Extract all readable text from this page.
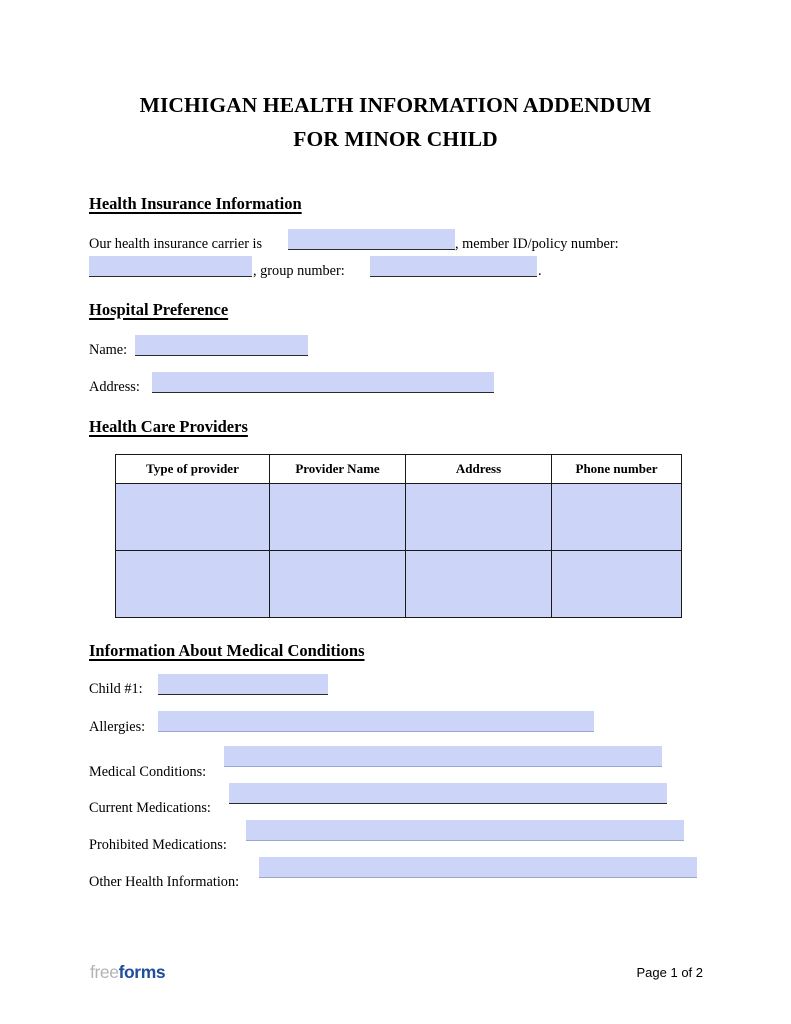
MICHIGAN HEALTH INFORMATION ADDENDUM
FOR MINOR CHILD
Health Insurance Information
Our health insurance carrier is	, member ID/policy number:
, group number:	.
Hospital Preference
Name:
Address:
Health Care Providers
Type of provider	Provider Name	Address	Phone number

Information About Medical Conditions
Child #1:
Allergies:
Medical Conditions:
Current Medications:
Prohibited Medications:
Other Health Information:
freeforms	Page 1 of 2
